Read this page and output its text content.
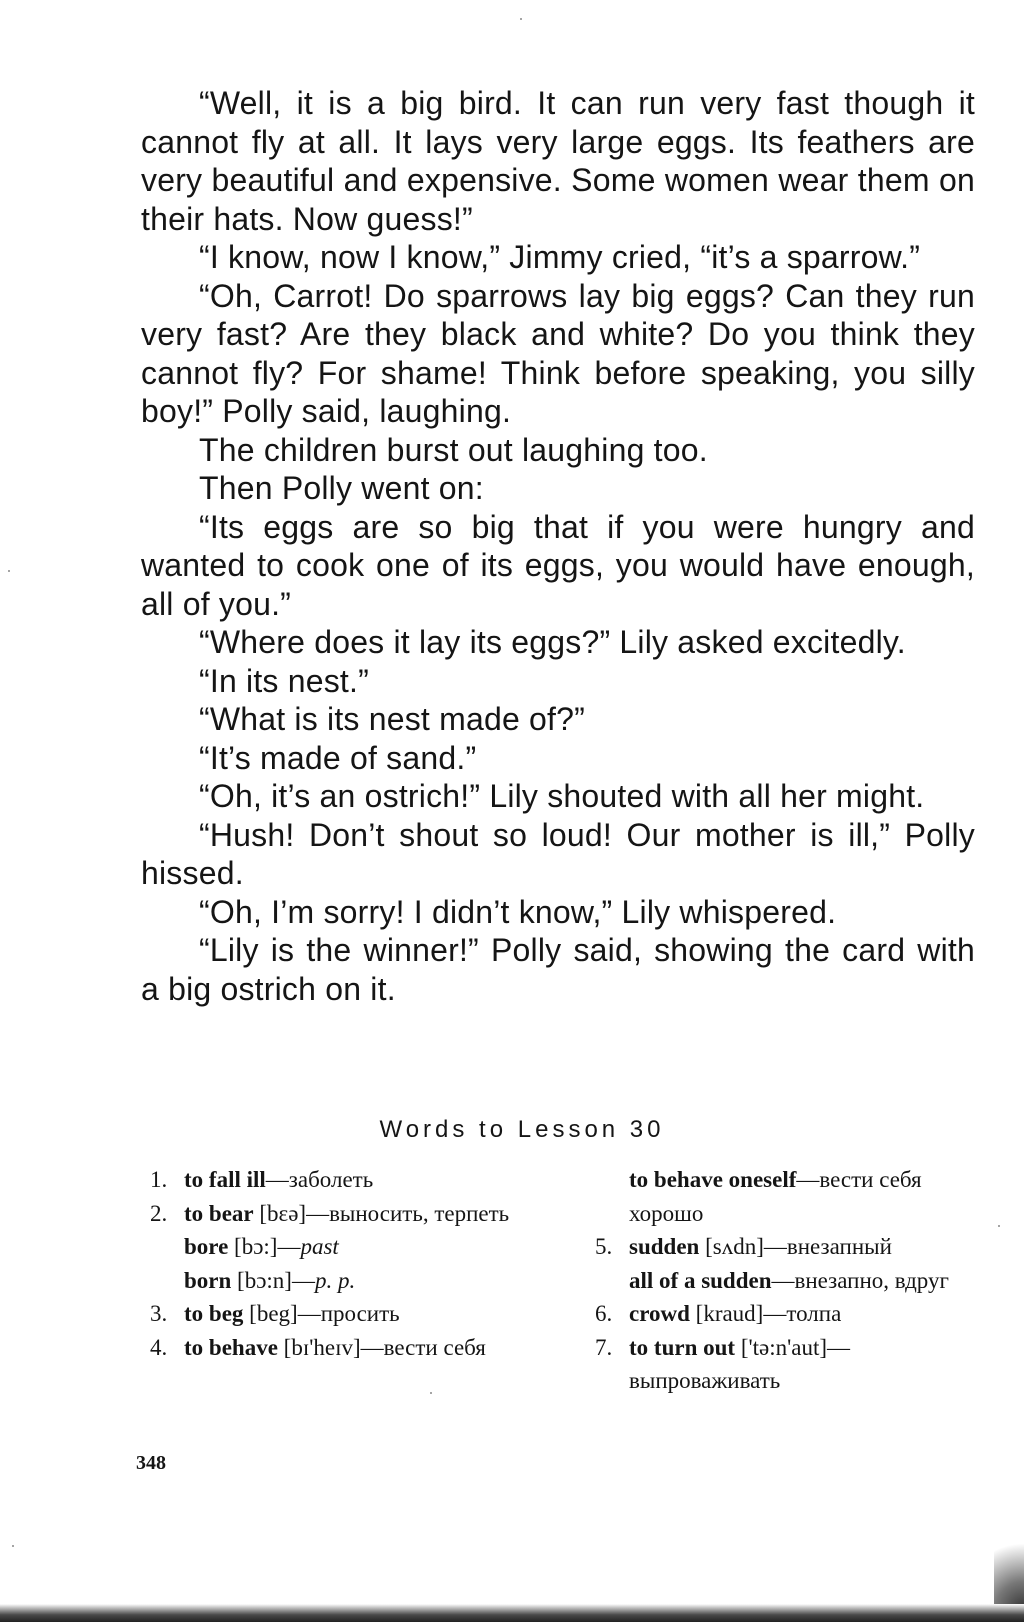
“Well, it is a big bird. It can run very fast though it cannot fly at all. It lays very large eggs. Its feathers are very beautiful and expensive. Some women wear them on their hats. Now guess!”

“I know, now I know,” Jimmy cried, “it’s a sparrow.”

“Oh, Carrot! Do sparrows lay big eggs? Can they run very fast? Are they black and white? Do you think they cannot fly? For shame! Think before speaking, you silly boy!” Polly said, laughing.

The children burst out laughing too.

Then Polly went on:

“Its eggs are so big that if you were hungry and wanted to cook one of its eggs, you would have enough, all of you.”

“Where does it lay its eggs?” Lily asked excitedly.

“In its nest.”

“What is its nest made of?”

“It’s made of sand.”

“Oh, it’s an ostrich!” Lily shouted with all her might.

“Hush! Don’t shout so loud! Our mother is ill,” Polly hissed.

“Oh, I’m sorry! I didn’t know,” Lily whispered.

“Lily is the winner!” Polly said, showing the card with a big ostrich on it.

Words to Lesson 30
1. to fall ill—заболеть
2. to bear [bɛə]—выносить, терпеть
bore [bɔ:]—past
born [bɔ:n]—p. p.
3. to beg [beg]—просить
4. to behave [bɪ'heɪv]—вести себя
to behave oneself—вести себя хорошо
5. sudden [sʌdn]—внезапный
all of a sudden—внезапно, вдруг
6. crowd [kraud]—толпа
7. to turn out ['tə:n'aut]—выпроваживать
348
